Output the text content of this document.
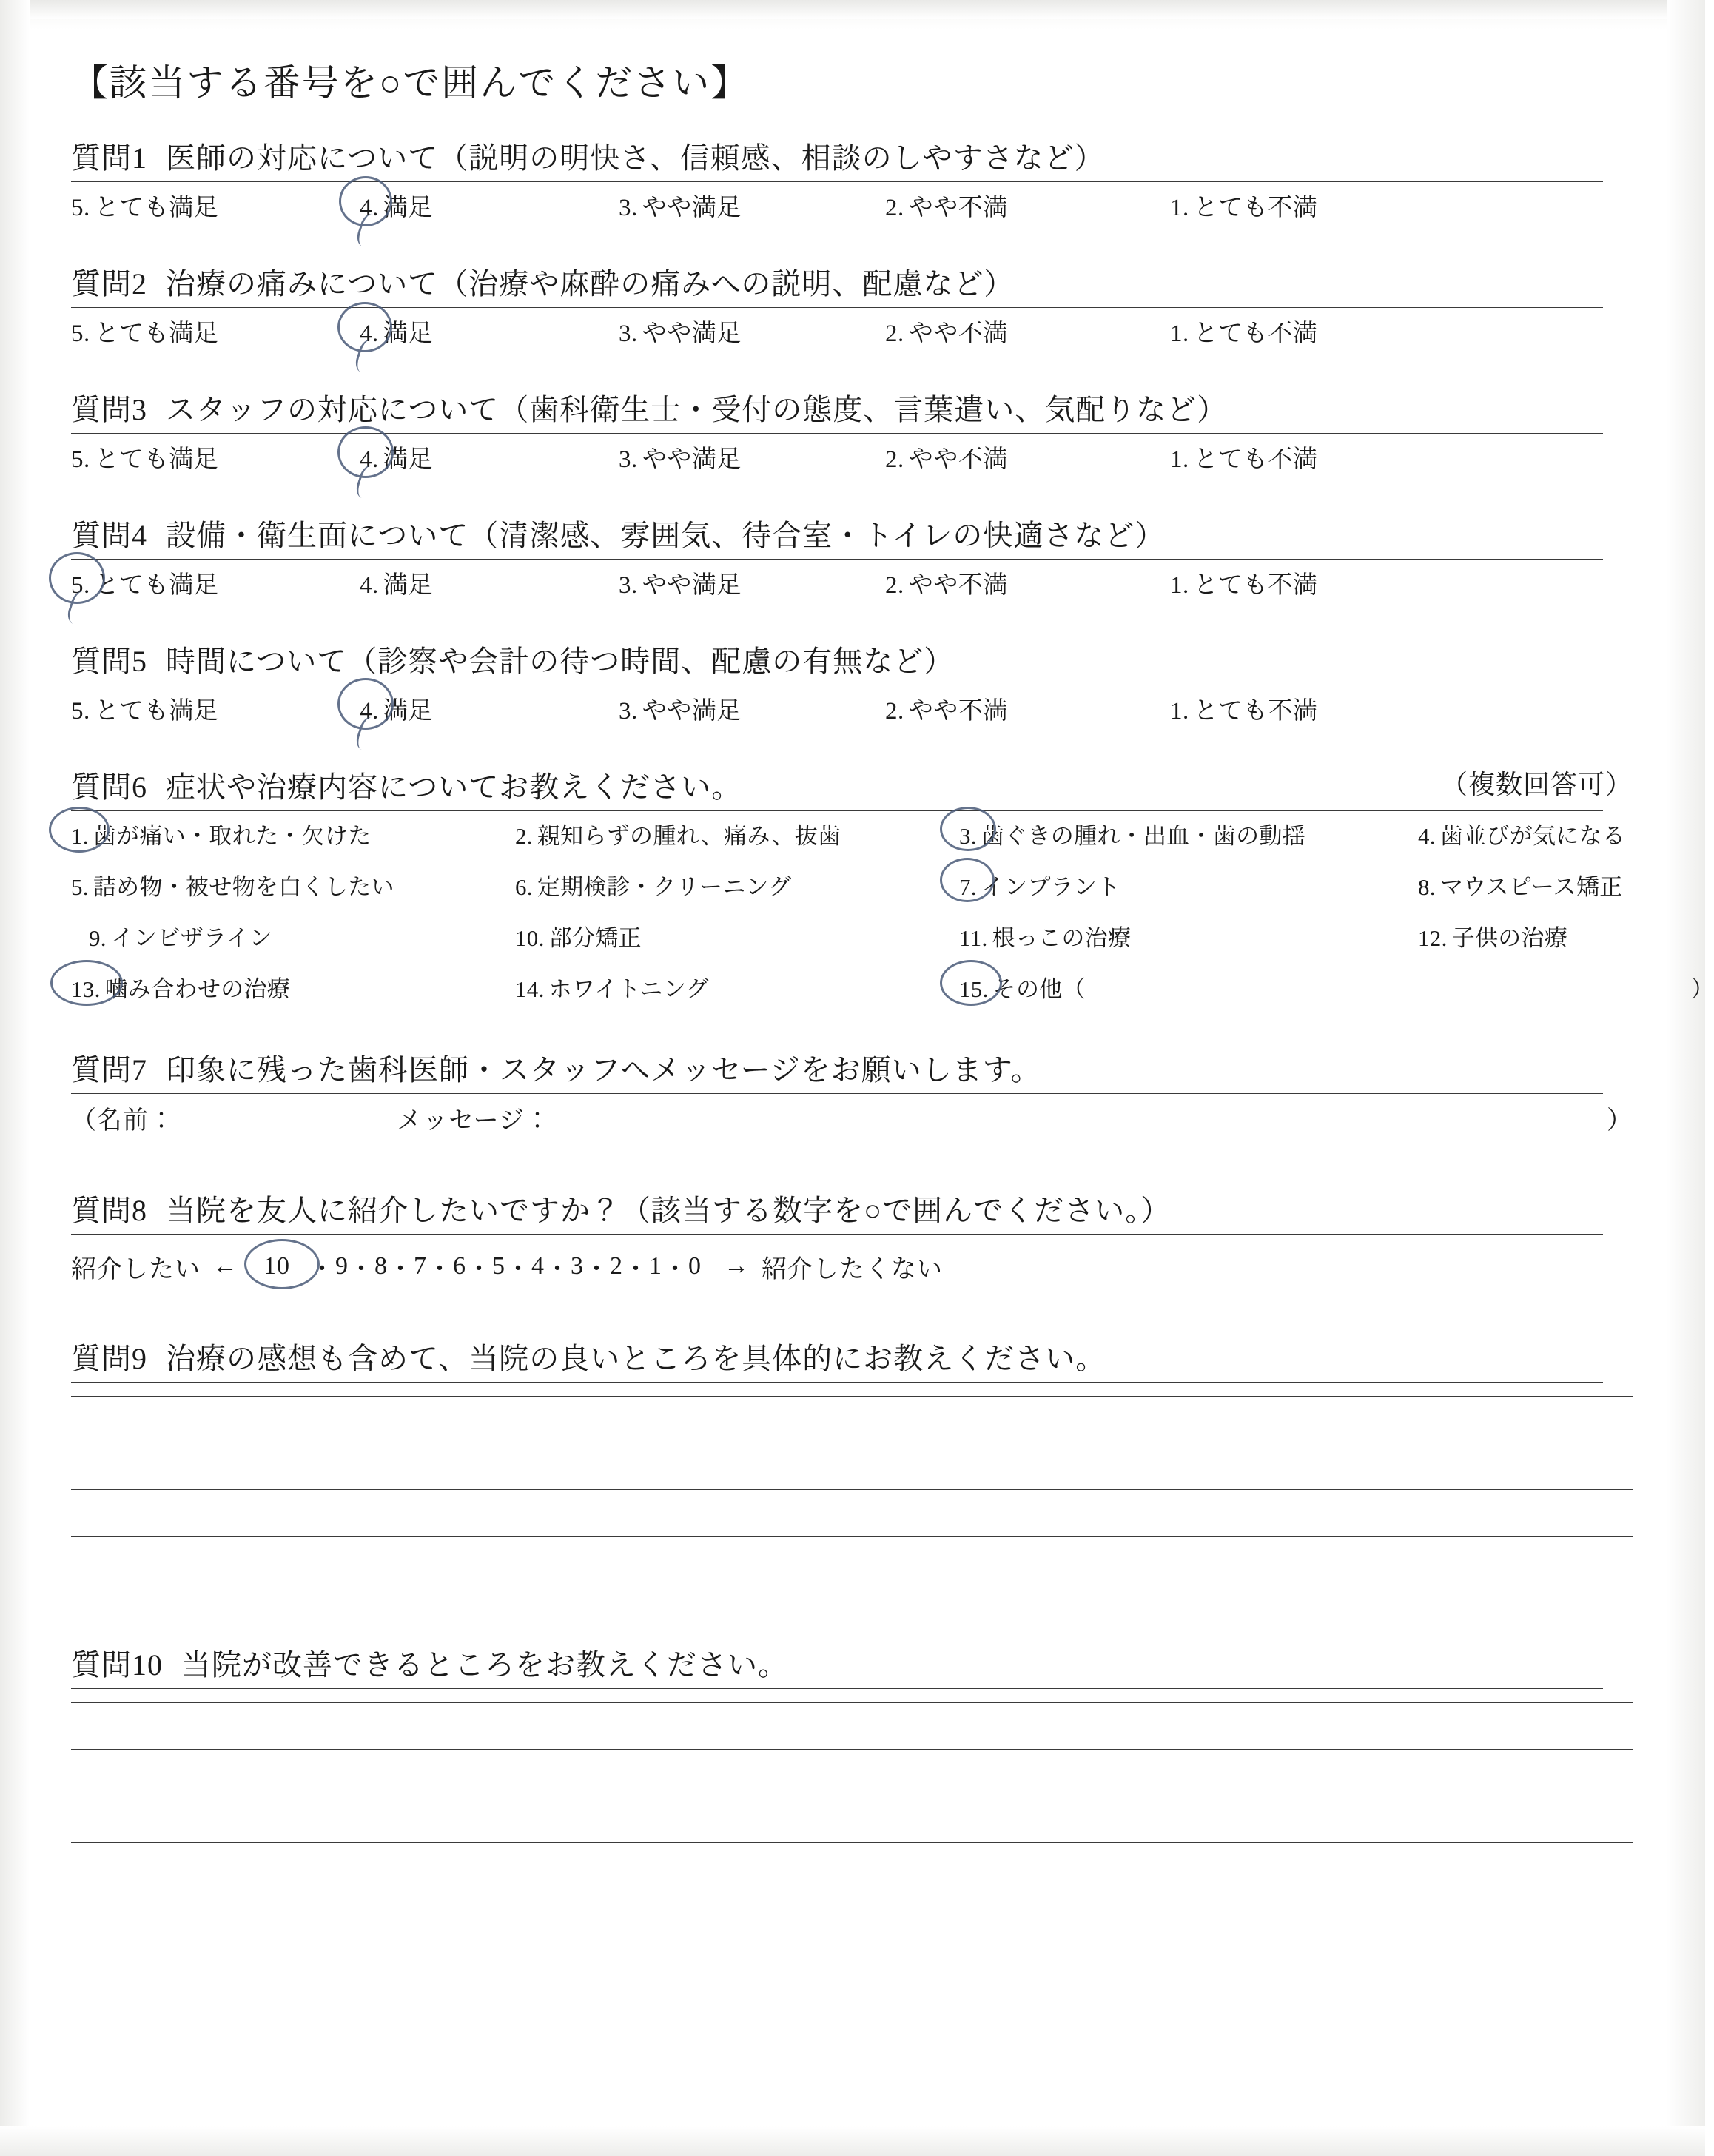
【該当する番号を○で囲んでください】
質問1 医師の対応について（説明の明快さ、信頼感、相談のしやすさなど）
5. とても満足	4. 満足	3. やや満足	2. やや不満	1. とても不満
質問2 治療の痛みについて（治療や麻酔の痛みへの説明、配慮など）
5. とても満足	4. 満足	3. やや満足	2. やや不満	1. とても不満
質問3 スタッフの対応について（歯科衛生士・受付の態度、言葉遣い、気配りなど）
5. とても満足	4. 満足	3. やや満足	2. やや不満	1. とても不満
質問4 設備・衛生面について（清潔感、雰囲気、待合室・トイレの快適さなど）
5. とても満足	4. 満足	3. やや満足	2. やや不満	1. とても不満
質問5 時間について（診察や会計の待つ時間、配慮の有無など）
5. とても満足	4. 満足	3. やや満足	2. やや不満	1. とても不満
質問6 症状や治療内容についてお教えください。	（複数回答可）
1. 歯が痛い・取れた・欠けた	2. 親知らずの腫れ、痛み、抜歯	3. 歯ぐきの腫れ・出血・歯の動揺	4. 歯並びが気になる
5. 詰め物・被せ物を白くしたい	6. 定期検診・クリーニング	7. インプラント	8. マウスピース矯正
9. インビザライン	10. 部分矯正	11. 根っこの治療	12. 子供の治療
13. 噛み合わせの治療	14. ホワイトニング	15. その他（	）
質問7 印象に残った歯科医師・スタッフへメッセージをお願いします。
（名前：	メッセージ：	）
質問8 当院を友人に紹介したいですか？（該当する数字を○で囲んでください。）
紹介したい ← 10 ・ 9 ・ 8 ・ 7 ・ 6 ・ 5 ・ 4 ・ 3 ・ 2 ・ 1 ・ 0 → 紹介したくない
質問9 治療の感想も含めて、当院の良いところを具体的にお教えください。
質問10 当院が改善できるところをお教えください。
